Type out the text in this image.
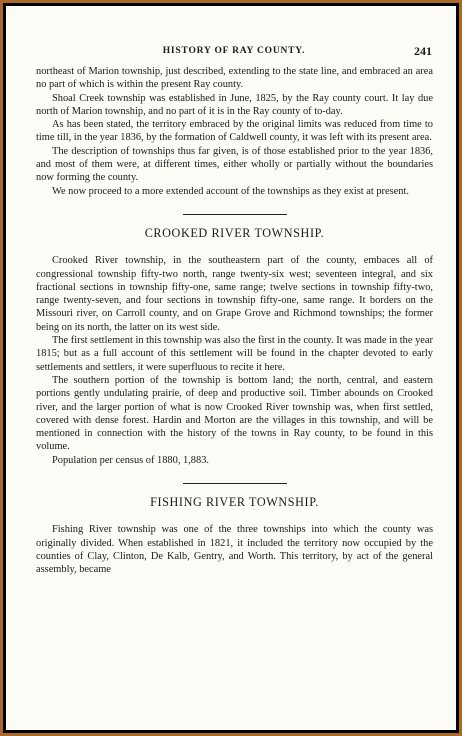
HISTORY OF RAY COUNTY.	241

northeast of Marion township, just described, extending to the state line, and embraced an area no part of which is within the present Ray county.

Shoal Creek township was established in June, 1825, by the Ray county court. It lay due north of Marion township, and no part of it is in the Ray county of to-day.

As has been stated, the territory embraced by the original limits was reduced from time to time till, in the year 1836, by the formation of Caldwell county, it was left with its present area.

The description of townships thus far given, is of those established prior to the year 1836, and most of them were, at different times, either wholly or partially without the boundaries now forming the county.

We now proceed to a more extended account of the townships as they exist at present.

CROOKED RIVER TOWNSHIP.

Crooked River township, in the southeastern part of the county, embaces all of congressional township fifty-two north, range twenty-six west; seventeen integral, and six fractional sections in township fifty-one, same range; twelve sections in township fifty-two, range twenty-seven, and four sections in township fifty-one, same range. It borders on the Missouri river, on Carroll county, and on Grape Grove and Richmond townships; the former being on its north, the latter on its west side.

The first settlement in this township was also the first in the county. It was made in the year 1815; but as a full account of this settlement will be found in the chapter devoted to early settlements and settlers, it were superfluous to recite it here.

The southern portion of the township is bottom land; the north, central, and eastern portions gently undulating prairie, of deep and productive soil. Timber abounds on Crooked river, and the larger portion of what is now Crooked River township was, when first settled, covered with dense forest. Hardin and Morton are the villages in this township, and will be mentioned in connection with the history of the towns in Ray county, to be found in this volume.

Population per census of 1880, 1,883.

FISHING RIVER TOWNSHIP.

Fishing River township was one of the three townships into which the county was originally divided. When established in 1821, it included the territory now occupied by the counties of Clay, Clinton, De Kalb, Gentry, and Worth. This territory, by act of the general assembly, became
